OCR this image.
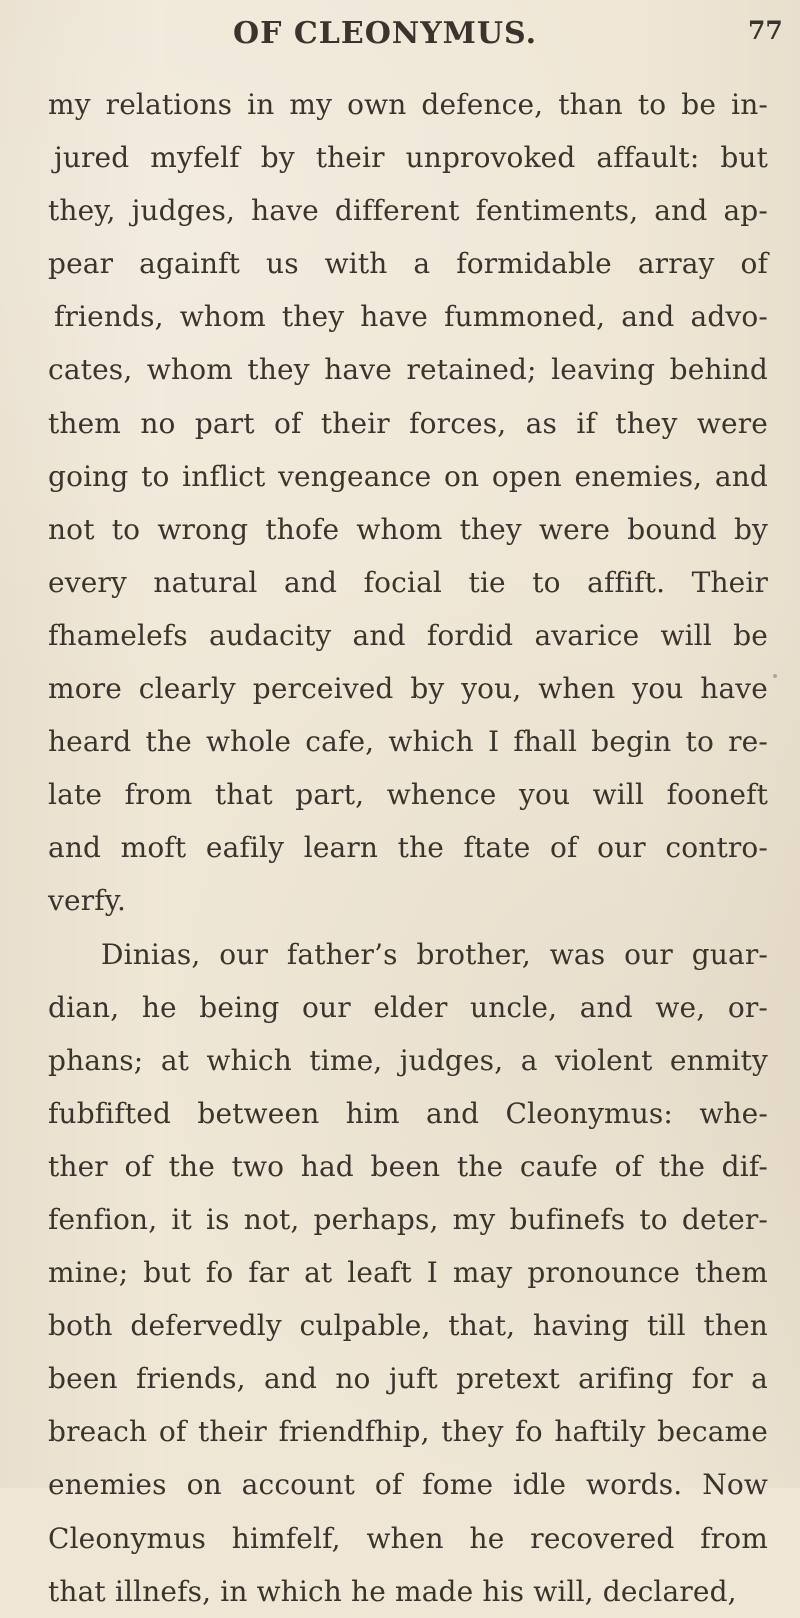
OF CLEONYMUS.	77
my relations in my own defence, than to be in-
jured myfelf by their unprovoked affault: but
they, judges, have different fentiments, and ap-
pear againft us with a formidable array of
friends, whom they have fummoned, and advo-
cates, whom they have retained; leaving behind
them no part of their forces, as if they were
going to inflict vengeance on open enemies, and
not to wrong thofe whom they were bound by
every natural and focial tie to affift. Their
fhamelefs audacity and fordid avarice will be
more clearly perceived by you, when you have
heard the whole cafe, which I fhall begin to re-
late from that part, whence you will fooneft
and moft eafily learn the ftate of our contro-
verfy.
Dinias, our father’s brother, was our guar-
dian, he being our elder uncle, and we, or-
phans; at which time, judges, a violent enmity
fubfifted between him and Cleonymus: whe-
ther of the two had been the caufe of the dif-
fenfion, it is not, perhaps, my bufinefs to deter-
mine; but fo far at leaft I may pronounce them
both defervedly culpable, that, having till then
been friends, and no juft pretext arifing for a
breach of their friendfhip, they fo haftily became
enemies on account of fome idle words. Now
Cleonymus himfelf, when he recovered from
that illnefs, in which he made his will, declared,
